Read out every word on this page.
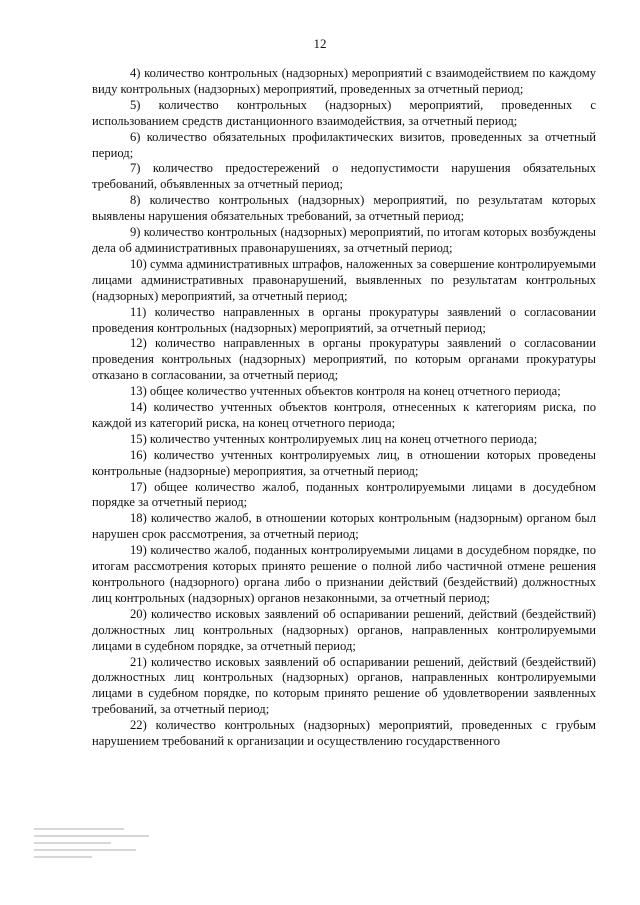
12

4) количество контрольных (надзорных) мероприятий с взаимодействием по каждому виду контрольных (надзорных) мероприятий, проведенных за отчетный период;

5) количество контрольных (надзорных) мероприятий, проведенных с использованием средств дистанционного взаимодействия, за отчетный период;

6) количество обязательных профилактических визитов, проведенных за отчетный период;

7) количество предостережений о недопустимости нарушения обязательных требований, объявленных за отчетный период;

8) количество контрольных (надзорных) мероприятий, по результатам которых выявлены нарушения обязательных требований, за отчетный период;

9) количество контрольных (надзорных) мероприятий, по итогам которых возбуждены дела об административных правонарушениях, за отчетный период;

10) сумма административных штрафов, наложенных за совершение контролируемыми лицами административных правонарушений, выявленных по результатам контрольных (надзорных) мероприятий, за отчетный период;

11) количество направленных в органы прокуратуры заявлений о согласовании проведения контрольных (надзорных) мероприятий, за отчетный период;

12) количество направленных в органы прокуратуры заявлений о согласовании проведения контрольных (надзорных) мероприятий, по которым органами прокуратуры отказано в согласовании, за отчетный период;

13) общее количество учтенных объектов контроля на конец отчетного периода;

14) количество учтенных объектов контроля, отнесенных к категориям риска, по каждой из категорий риска, на конец отчетного периода;

15) количество учтенных контролируемых лиц на конец отчетного периода;

16) количество учтенных контролируемых лиц, в отношении которых проведены контрольные (надзорные) мероприятия, за отчетный период;

17) общее количество жалоб, поданных контролируемыми лицами в досудебном порядке за отчетный период;

18) количество жалоб, в отношении которых контрольным (надзорным) органом был нарушен срок рассмотрения, за отчетный период;

19) количество жалоб, поданных контролируемыми лицами в досудебном порядке, по итогам рассмотрения которых принято решение о полной либо частичной отмене решения контрольного (надзорного) органа либо о признании действий (бездействий) должностных лиц контрольных (надзорных) органов незаконными, за отчетный период;

20) количество исковых заявлений об оспаривании решений, действий (бездействий) должностных лиц контрольных (надзорных) органов, направленных контролируемыми лицами в судебном порядке, за отчетный период;

21) количество исковых заявлений об оспаривании решений, действий (бездействий) должностных лиц контрольных (надзорных) органов, направленных контролируемыми лицами в судебном порядке, по которым принято решение об удовлетворении заявленных требований, за отчетный период;

22) количество контрольных (надзорных) мероприятий, проведенных с грубым нарушением требований к организации и осуществлению государственного
